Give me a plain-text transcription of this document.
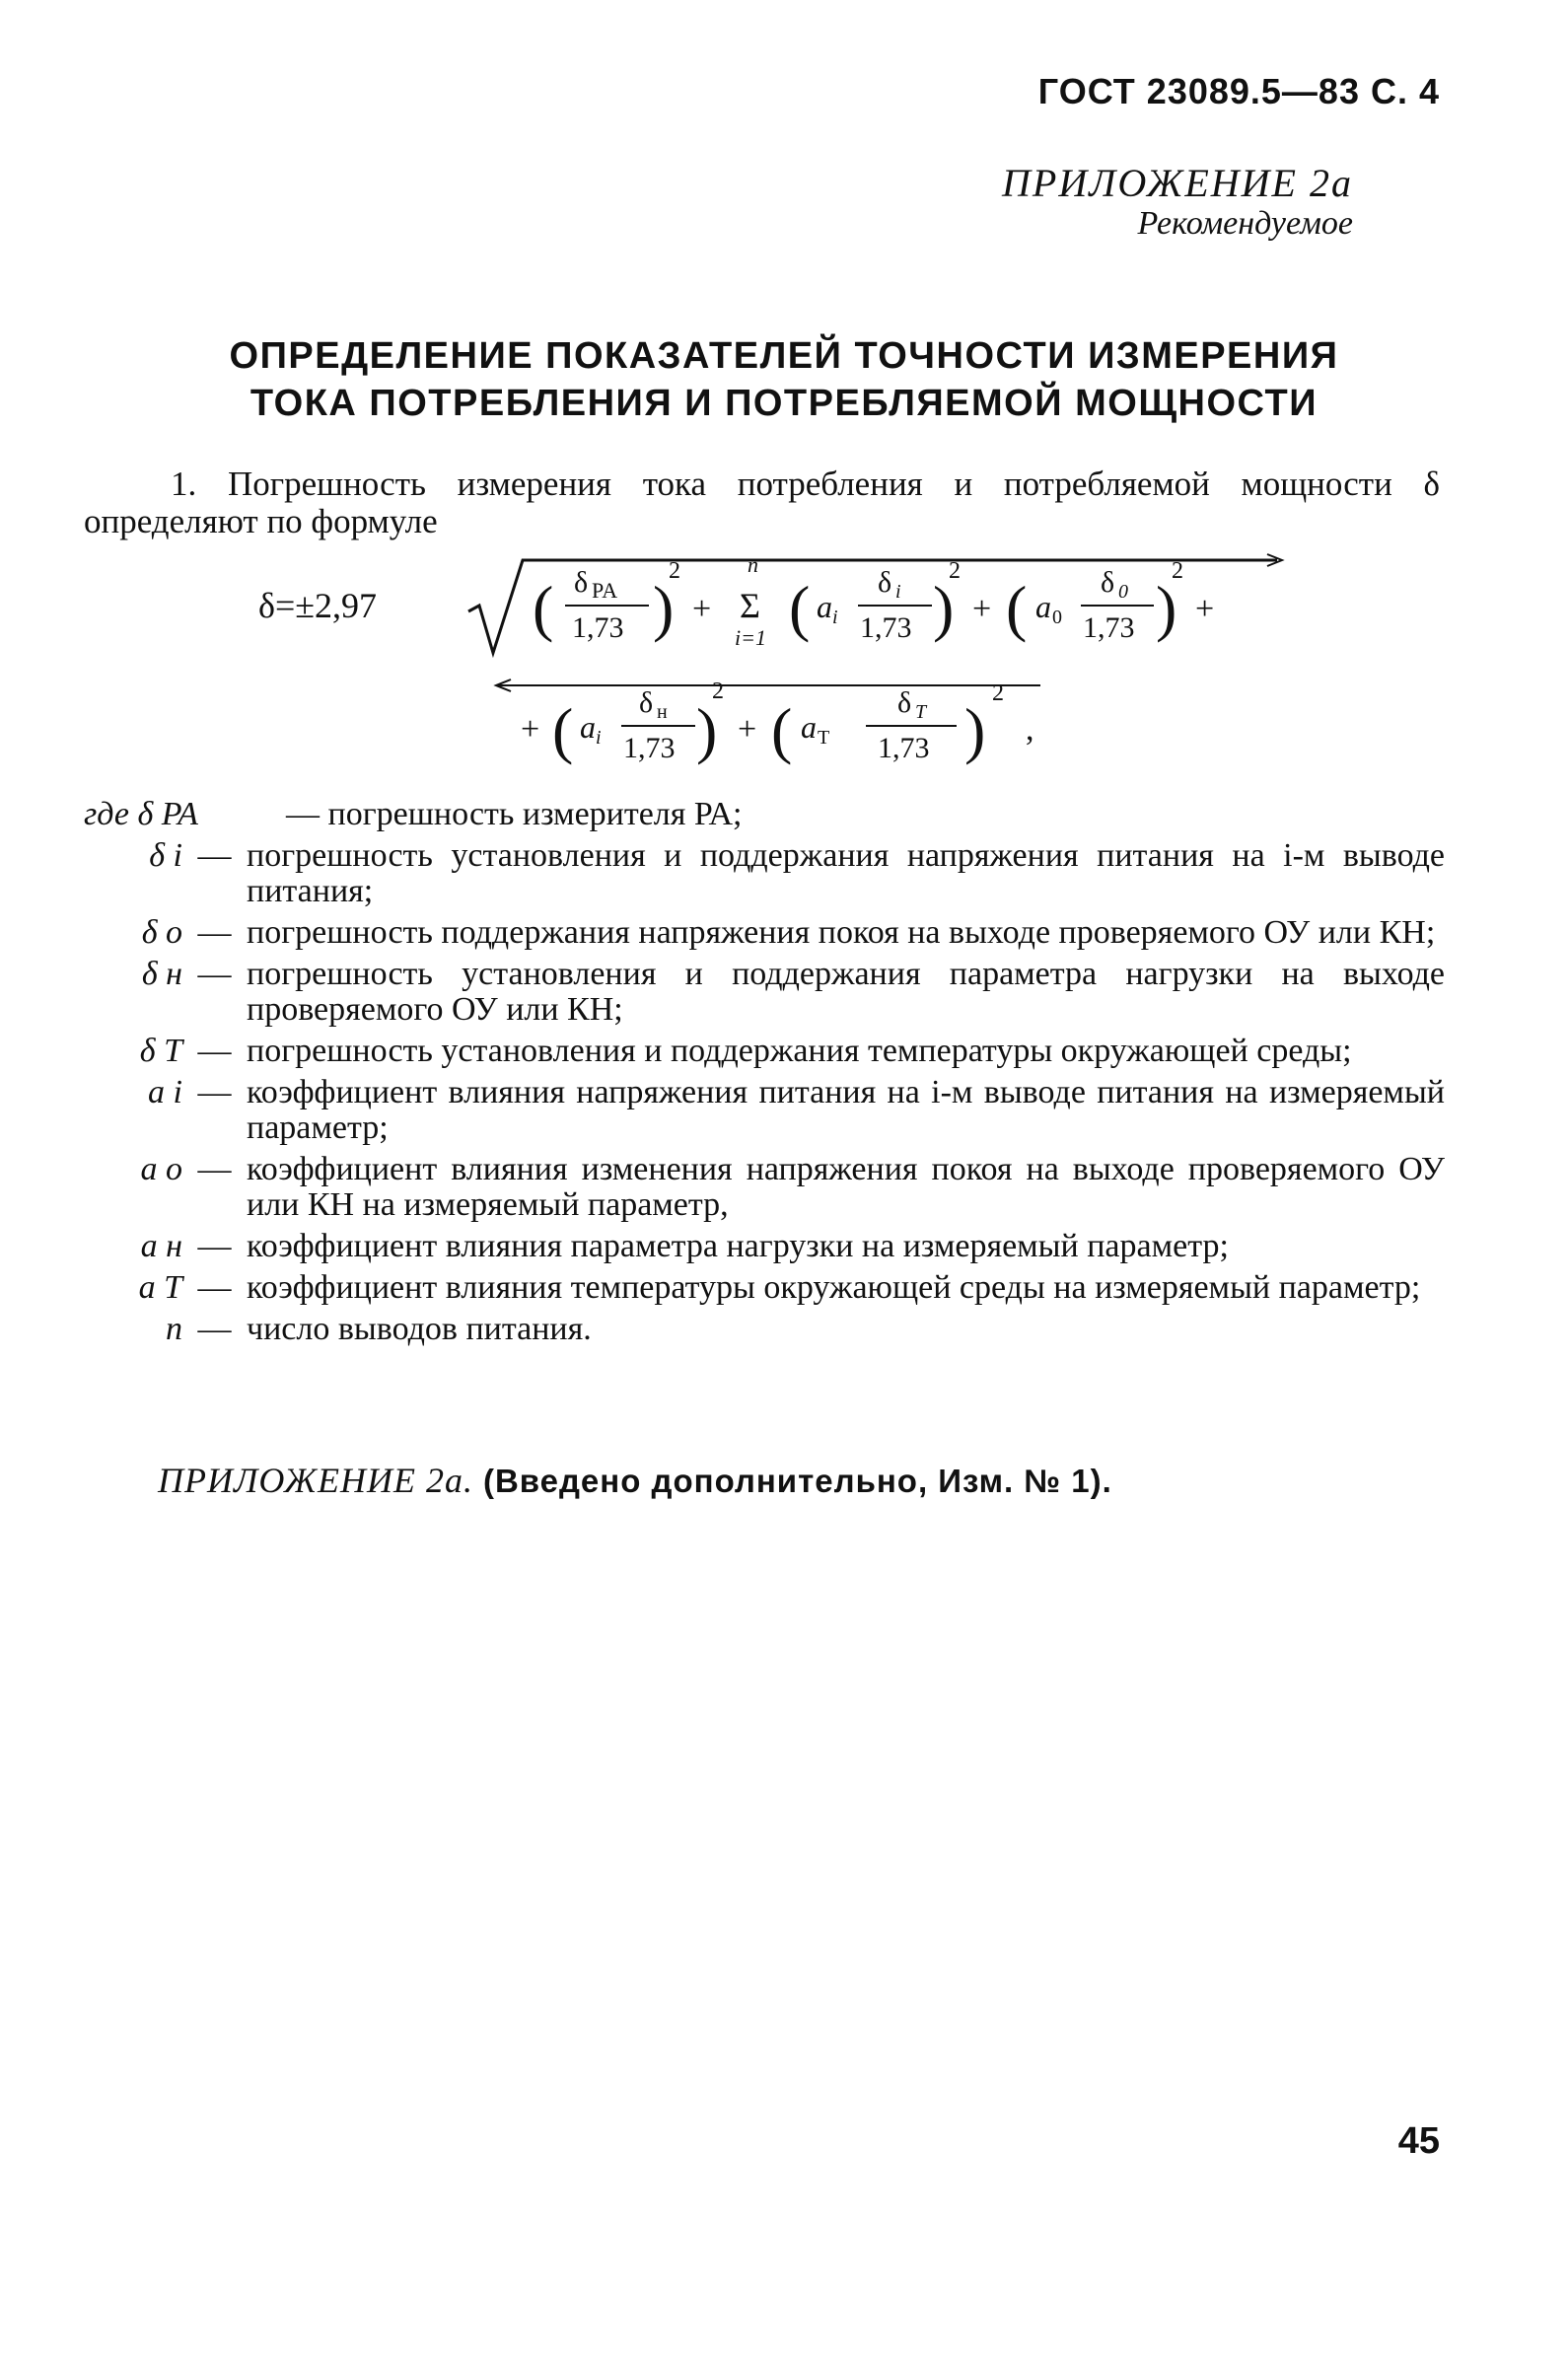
ГОСТ 23089.5—83 С. 4
ПРИЛОЖЕНИЕ 2а
Рекомендуемое
ОПРЕДЕЛЕНИЕ ПОКАЗАТЕЛЕЙ ТОЧНОСТИ ИЗМЕРЕНИЯ
ТОКА ПОТРЕБЛЕНИЯ И ПОТРЕБЛЯЕМОЙ МОЩНОСТИ
1. Погрешность измерения тока потребления и потребляемой мощности δ
определяют по формуле
δ=±2,97 ( δ PA
1,73 )
2
+
n
Σ
i=1 ( a i
δ i
1,73 )
2
+ ( a 0
δ 0
1,73 )
2
+
+ ( a i
δ н
1,73 )
2
+ ( a T
δ T
1,73 )
2
,
где δ PA	— погрешность измерителя РА;
δ i — погрешность установления и поддержания напряжения питания на i-м выводе питания;
δ o — погрешность поддержания напряжения покоя на выходе проверяемого ОУ или КН;
δ н — погрешность установления и поддержания параметра нагрузки на выходе проверяемого ОУ или КН;
δ T — погрешность установления и поддержания температуры окружающей среды;
a i — коэффициент влияния напряжения питания на i-м выводе питания на измеряемый параметр;
a o — коэффициент влияния изменения напряжения покоя на выходе проверяемого ОУ или КН на измеряемый параметр,
a н — коэффициент влияния параметра нагрузки на измеряемый параметр;
a T — коэффициент влияния температуры окружающей среды на измеряемый параметр;
n — число выводов питания.
ПРИЛОЖЕНИЕ 2а. (Введено дополнительно, Изм. № 1).
45
